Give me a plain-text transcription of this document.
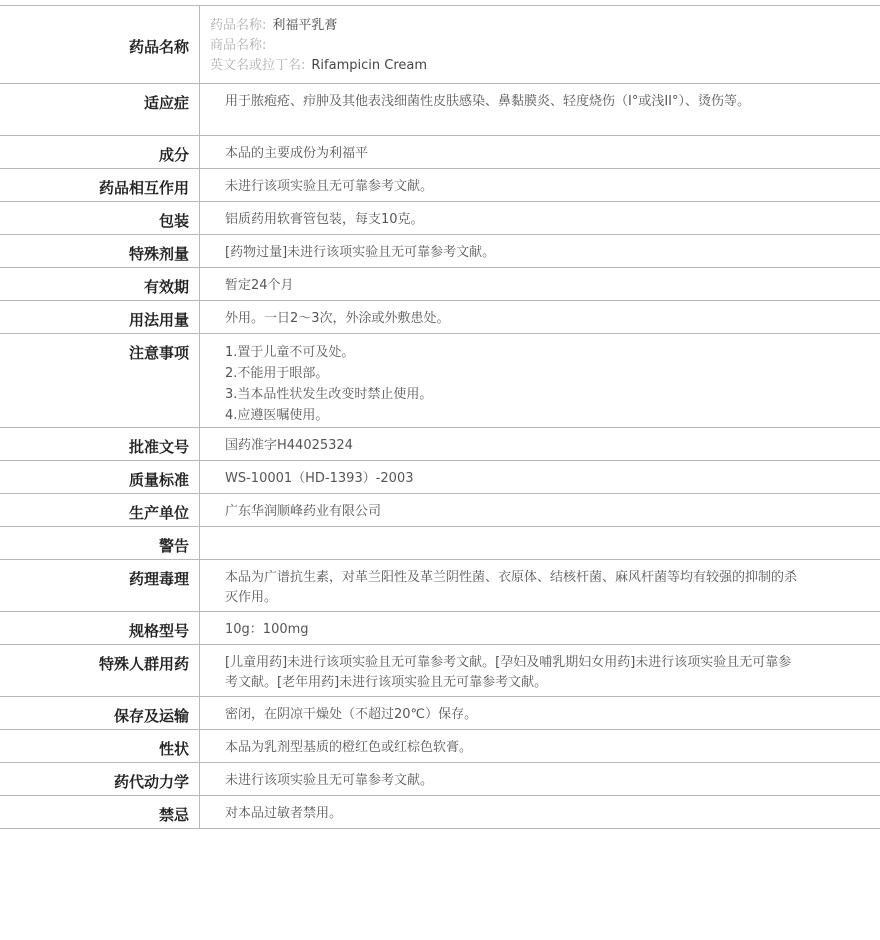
药品名称
药品名称: 利福平乳膏
商品名称:
英文名或拉丁名: Rifampicin Cream
适应症	用于脓疱疮、疖肿及其他表浅细菌性皮肤感染、鼻黏膜炎、轻度烧伤（I°或浅II°）、烫伤等。
成分	本品的主要成份为利福平
药品相互作用	未进行该项实验且无可靠参考文献。
包装	铝质药用软膏管包装，每支10克。
特殊剂量	[药物过量]未进行该项实验且无可靠参考文献。
有效期	暂定24个月
用法用量	外用。一日2～3次，外涂或外敷患处。
注意事项	1.置于儿童不可及处。
2.不能用于眼部。
3.当本品性状发生改变时禁止使用。
4.应遵医嘱使用。
批准文号	国药准字H44025324
质量标准	WS-10001（HD-1393）-2003
生产单位	广东华润顺峰药业有限公司
警告
药理毒理	本品为广谱抗生素，对革兰阳性及革兰阴性菌、衣原体、结核杆菌、麻风杆菌等均有较强的抑制的杀灭作用。
规格型号	10g：100mg
特殊人群用药	[儿童用药]未进行该项实验且无可靠参考文献。[孕妇及哺乳期妇女用药]未进行该项实验且无可靠参考文献。[老年用药]未进行该项实验且无可靠参考文献。
保存及运输	密闭，在阴凉干燥处（不超过20℃）保存。
性状	本品为乳剂型基质的橙红色或红棕色软膏。
药代动力学	未进行该项实验且无可靠参考文献。
禁忌	对本品过敏者禁用。
